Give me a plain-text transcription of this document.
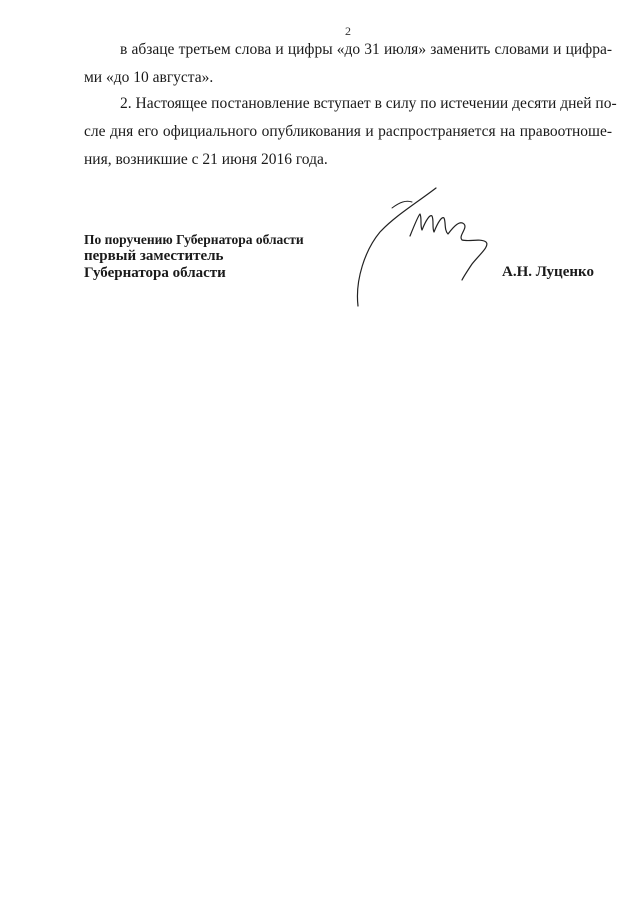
2
в абзаце третьем слова и цифры «до 31 июля» заменить словами и цифра-
ми «до 10 августа».
2. Настоящее постановление вступает в силу по истечении десяти дней по-
сле дня его официального опубликования и распространяется на правоотноше-
ния, возникшие с 21 июня 2016 года.
По поручению Губернатора области
первый заместитель
Губернатора области	А.Н. Луценко
